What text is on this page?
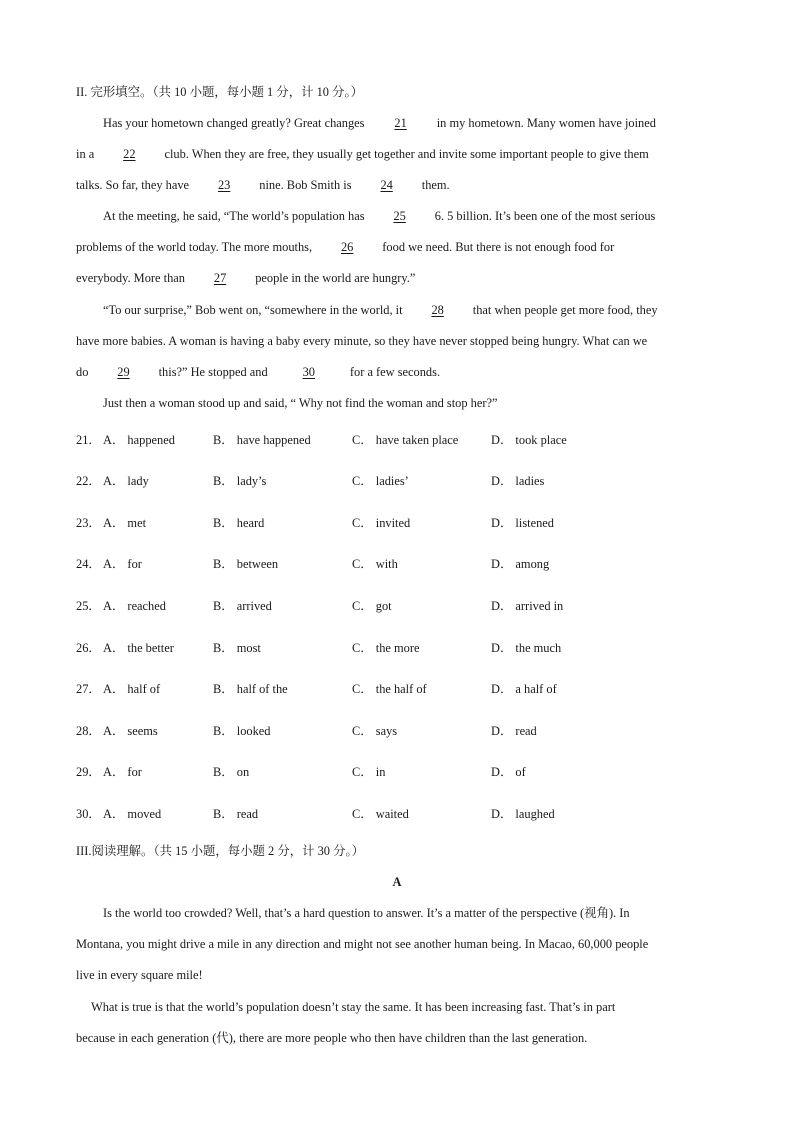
II. 完形填空。（共 10 小题，每小题 1 分，计 10 分。）
Has your hometown changed greatly? Great changes 21 in my hometown. Many women have joined
in a 22 club. When they are free, they usually get together and invite some important people to give them
talks. So far, they have 23 nine. Bob Smith is 24 them.
At the meeting, he said, “The world’s population has 25 6. 5 billion. It’s been one of the most serious
problems of the world today. The more mouths, 26 food we need. But there is not enough food for
everybody. More than 27 people in the world are hungry.”
“To our surprise,” Bob went on, “somewhere in the world, it 28 that when people get more food, they
have more babies. A woman is having a baby every minute, so they have never stopped being hungry. What can we
do 29 this?” He stopped and	30	for a few seconds.
Just then a woman stood up and said, “ Why not find the woman and stop her?”
21． A． happened	B． have happened	C． have taken place	D． took place
22． A． lady	B． lady’s	C． ladies’	D． ladies
23． A． met	B． heard	C． invited	D． listened
24． A． for	B． between	C． with	D． among
25． A． reached	B． arrived	C． got	D． arrived in
26． A． the better	B． most	C． the more	D． the much
27． A． half of	B． half of the	C． the half of	D． a half of
28． A． seems	B． looked	C． says	D． read
29． A． for	B． on	C． in	D． of
30． A． moved	B． read	C． waited	D． laughed
III.阅读理解。（共 15 小题，每小题 2 分，计 30 分。）
A
Is the world too crowded? Well, that’s a hard question to answer. It’s a matter of the perspective (视角). In
Montana, you might drive a mile in any direction and might not see another human being. In Macao, 60,000 people
live in every square mile!
What is true is that the world’s population doesn’t stay the same. It has been increasing fast. That’s in part
because in each generation (代), there are more people who then have children than the last generation.
